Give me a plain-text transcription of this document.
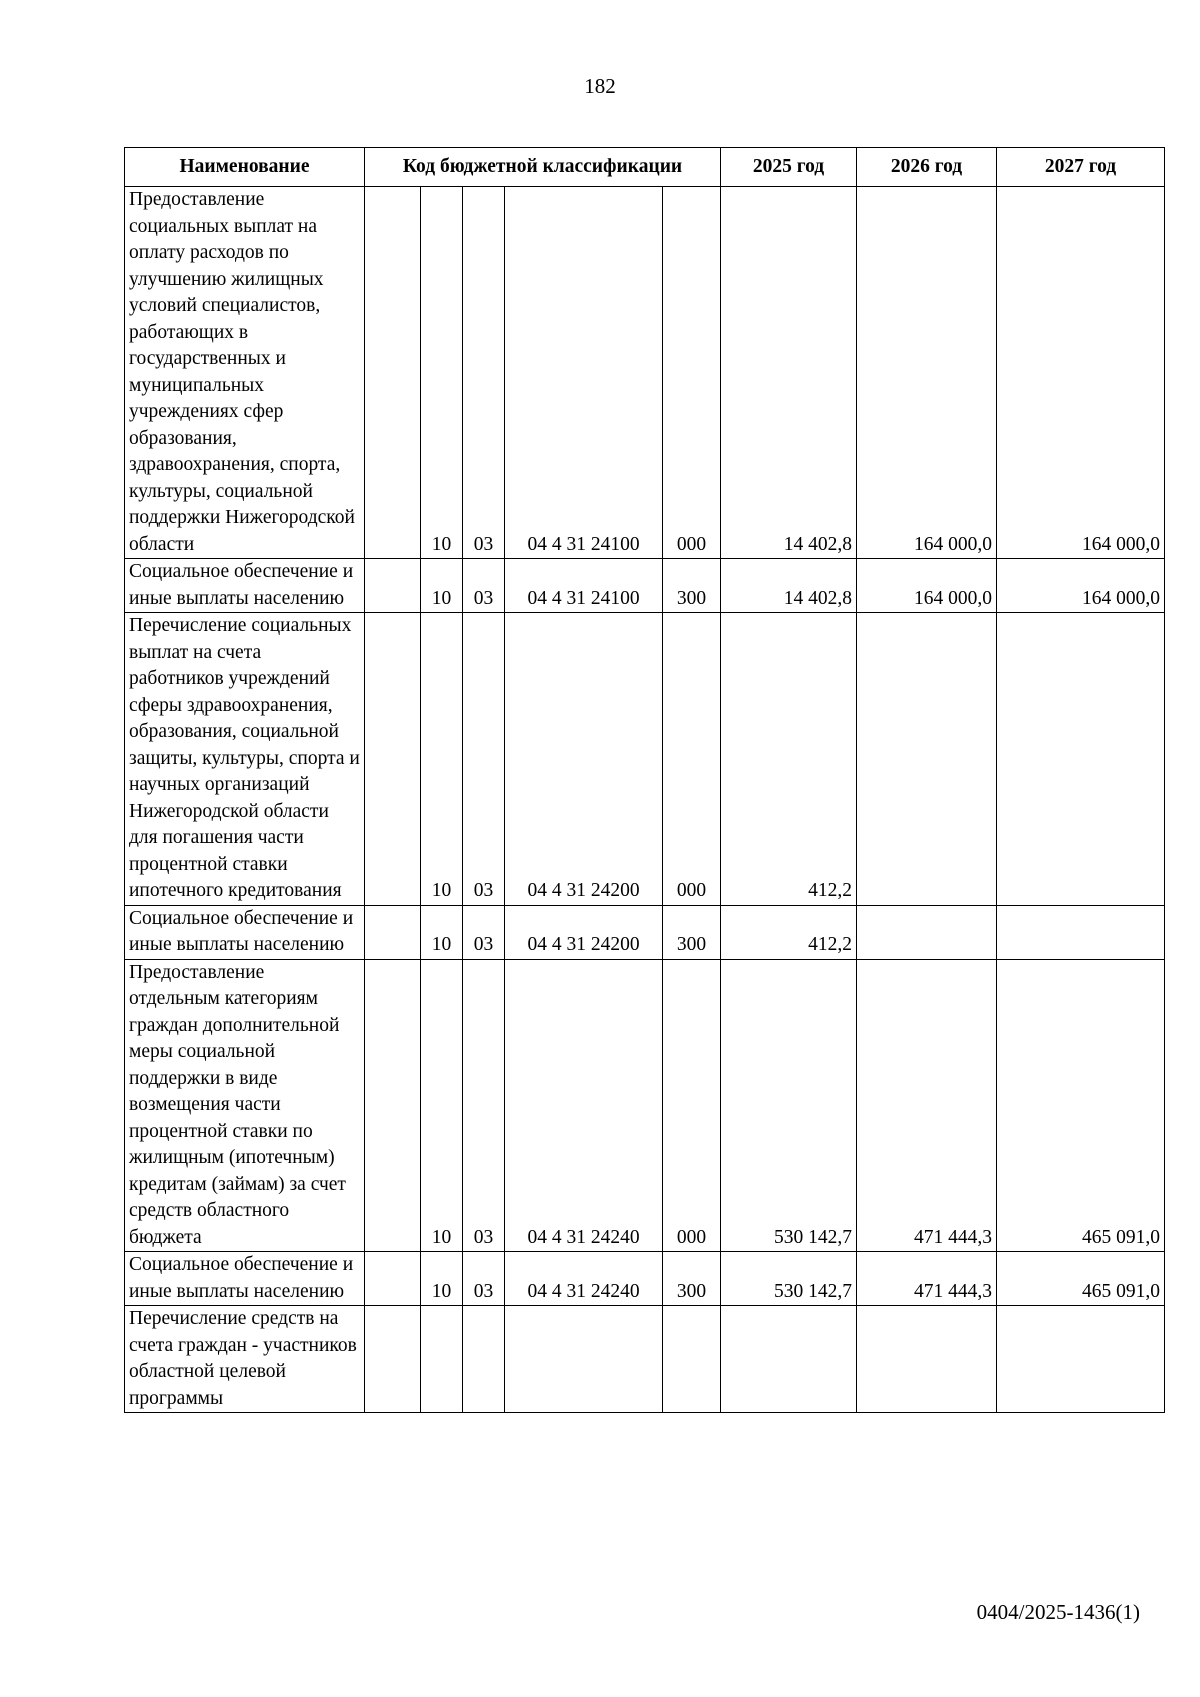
182
Наименование	Код бюджетной классификации					2025 год	2026 год	2027 год
Предоставление социальных выплат на оплату расходов по улучшению жилищных условий специалистов, работающих в государственных и муниципальных учреждениях сфер образования, здравоохранения, спорта, культуры, социальной поддержки Нижегородской области		10	03	04 4 31 24100	000	14 402,8	164 000,0	164 000,0
Социальное обеспечение и иные выплаты населению		10	03	04 4 31 24100	300	14 402,8	164 000,0	164 000,0
Перечисление социальных выплат на счета работников учреждений сферы здравоохранения, образования, социальной защиты, культуры, спорта и научных организаций Нижегородской области для погашения части процентной ставки ипотечного кредитования		10	03	04 4 31 24200	000	412,2		
Социальное обеспечение и иные выплаты населению		10	03	04 4 31 24200	300	412,2		
Предоставление отдельным категориям граждан дополнительной меры социальной поддержки в виде возмещения части процентной ставки по жилищным (ипотечным) кредитам (займам) за счет средств областного бюджета		10	03	04 4 31 24240	000	530 142,7	471 444,3	465 091,0
Социальное обеспечение и иные выплаты населению		10	03	04 4 31 24240	300	530 142,7	471 444,3	465 091,0
Перечисление средств на счета граждан - участников областной целевой программы								
0404/2025-1436(1)
